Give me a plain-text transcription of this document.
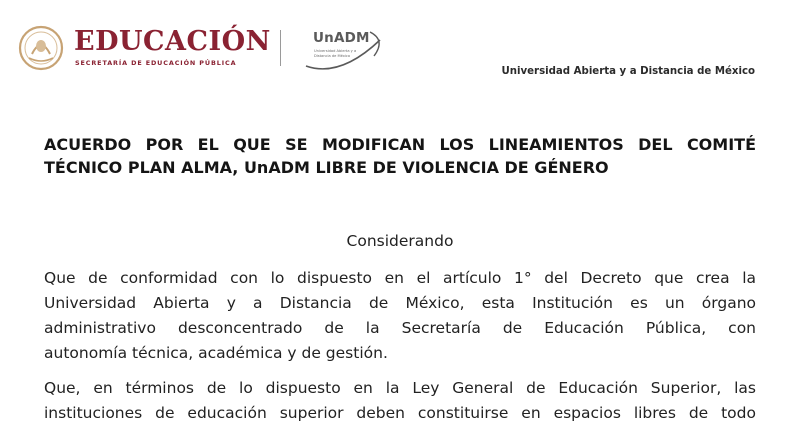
EDUCACIÓN
SECRETARÍA DE EDUCACIÓN PÚBLICA
UnADM
Universidad Abierta y a Distancia de México
Universidad Abierta y a Distancia de México
ACUERDO POR EL QUE SE MODIFICAN LOS LINEAMIENTOS DEL COMITÉ
TÉCNICO PLAN ALMA, UnADM LIBRE DE VIOLENCIA DE GÉNERO
Considerando
Que de conformidad con lo dispuesto en el artículo 1° del Decreto que crea la
Universidad Abierta y a Distancia de México, esta Institución es un órgano
administrativo desconcentrado de la Secretaría de Educación Pública, con
autonomía técnica, académica y de gestión.
Que, en términos de lo dispuesto en la Ley General de Educación Superior, las
instituciones de educación superior deben constituirse en espacios libres de todo
